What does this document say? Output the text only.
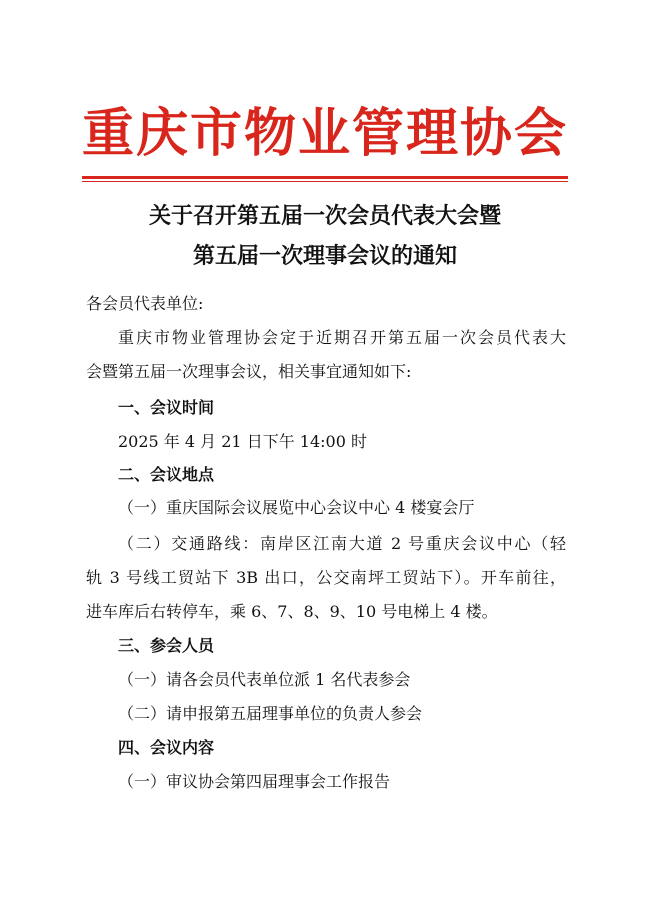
重庆市物业管理协会
关于召开第五届一次会员代表大会暨
第五届一次理事会议的通知
各会员代表单位:
重庆市物业管理协会定于近期召开第五届一次会员代表大
会暨第五届一次理事会议，相关事宜通知如下:
一、会议时间
2025 年 4 月 21 日下午 14:00 时
二、会议地点
（一）重庆国际会议展览中心会议中心 4 楼宴会厅
（二）交通路线：南岸区江南大道 2 号重庆会议中心（轻
轨 3 号线工贸站下 3B 出口，公交南坪工贸站下）。开车前往，
进车库后右转停车，乘 6、7、8、9、10 号电梯上 4 楼。
三、参会人员
（一）请各会员代表单位派 1 名代表参会
（二）请申报第五届理事单位的负责人参会
四、会议内容
（一）审议协会第四届理事会工作报告
